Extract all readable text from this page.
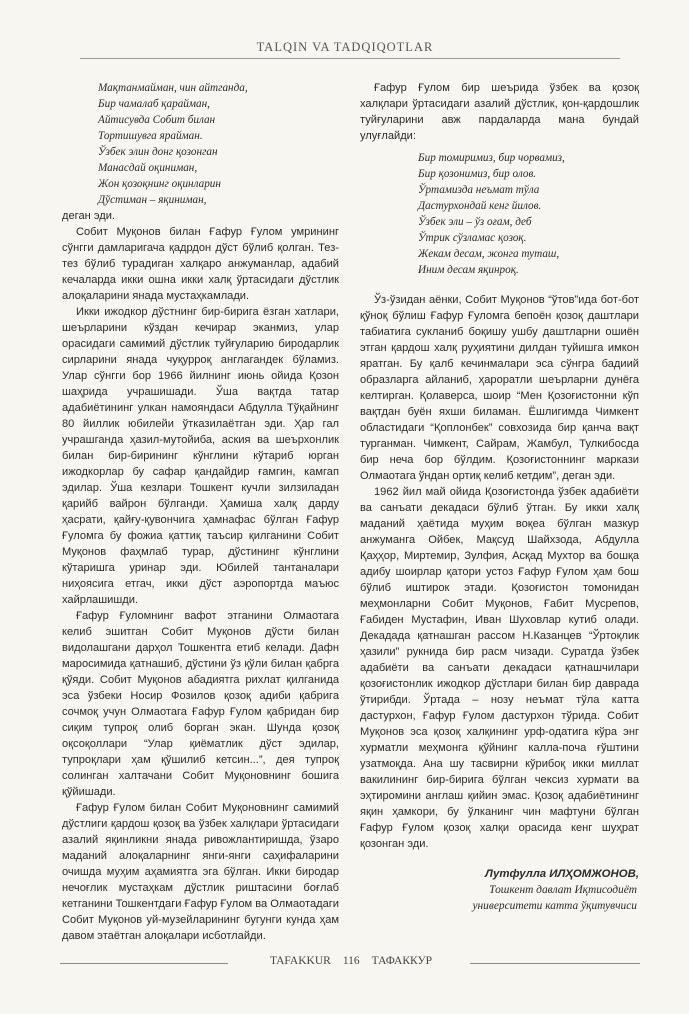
TALQIN VA TADQIQOTLAR
Мақтанмайман, чин айтганда,
Бир чамалаб қарайман,
Айтисувда Собит билан
Тортишувга ярайман.
Ўзбек элин донг қозонган
Манасдай оқиниман,
Жон қозоқнинг оқинларин
Дўстиман – яқиниман,

деган эди.

Собит Муқонов билан Ғафур Ғулом умрининг сўнгги дамларигача қадрдон дўст бўлиб қолган. Тез-тез бўлиб турадиган халқаро анжуманлар, адабий кечаларда икки ошна икки халқ ўртасидаги дўстлик алоқаларини янада мустаҳкамлади.

Икки ижодкор дўстнинг бир-бирига ёзган хатлари, шеърларини кўздан кечирар эканмиз, улар орасидаги самимий дўстлик туйғуларию биродарлик сирларини янада чуқурроқ англагандек бўламиз. Улар сўнгги бор 1966 йилнинг июнь ойида Қозон шаҳрида учрашишади. Ўша вақтда татар адабиётининг улкан намояндаси Абдулла Тўқайнинг 80 йиллик юбилейи ўтказилаётган эди. Ҳар гал учрашганда ҳазил-мутойиба, аския ва шеърхонлик билан бир-бирининг кўнглини кўтариб юрган ижодкорлар бу сафар қандайдир ғамгин, камгап эдилар. Ўша кезлари Тошкент кучли зилзиладан қарийб вайрон бўлганди. Ҳамиша халқ дарду ҳасрати, қайғу-қувончига ҳамнафас бўлган Ғафур Ғуломга бу фожиа қаттиқ таъсир қилганини Собит Муқонов фаҳмлаб турар, дўстининг кўнглини кўтаришга уринар эди. Юбилей тантаналари ниҳоясига етгач, икки дўст аэропортда маъюс хайрлашишди.

Ғафур Ғуломнинг вафот этганини Олмаотага келиб эшитган Собит Муқонов дўсти билан видолашгани дарҳол Тошкентга етиб келади. Дафн маросимида қатнашиб, дўстини ўз қўли билан қабрга қўяди. Собит Муқонов абадиятга рихлат қилганида эса ўзбеки Носир Фозилов қозоқ адиби қабрига сочмоқ учун Олмаотага Ғафур Ғулом қабридан бир сиқим тупроқ олиб борган экан. Шунда қозоқ оқсоқоллари “Улар қиёматлик дўст эдилар, тупроқлари ҳам қўшилиб кетсин...”, дея тупроқ солинган халтачани Собит Муқоновнинг бошига қўйишади.

Ғафур Ғулом билан Собит Муқоновнинг самимий дўстлиги қардош қозоқ ва ўзбек халқлари ўртасидаги азалий яқинликни янада ривожлантиришда, ўзаро маданий алоқаларнинг янги-янги саҳифаларини очишда муҳим аҳамиятга эга бўлган. Икки биродар нечоғлик мустаҳкам дўстлик риштасини боғлаб кетганини Тошкентдаги Ғафур Ғулом ва Олмаотадаги Собит Муқонов уй-музейларининг бугунги кунда ҳам давом этаётган алоқалари исботлайди.

Ғафур Ғулом бир шеърида ўзбек ва қозоқ халқлари ўртасидаги азалий дўстлик, қон-қардошлик туйғуларини авж пардаларда мана бундай улуғлайди:

Бир томиримиз, бир чорвамиз,
Бир қозонимиз, бир олов.
Ўртамизда неъмат тўла
Дастурхондай кенг йилов.
Ўзбек эли – ўз оғам, деб
Ўтрик сўзламас қозоқ.
Жекам десам, жонга туташ,
Иним десам яқинроқ.

Ўз-ўзидан аёнки, Собит Муқонов “ўтов”ида бот-бот қўноқ бўлиш Ғафур Ғуломга бепоён қозоқ даштлари табиатига сукланиб боқишу ушбу даштларни ошиён этган қардош халқ руҳиятини дилдан туйишга имкон яратган. Бу қалб кечинмалари эса сўнгра бадиий образларга айланиб, ҳароратли шеърларни дунёга келтирган. Қолаверса, шоир “Мен Қозоғистонни кўп вақтдан буён яхши биламан. Ёшлигимда Чимкент областидаги “Қоплонбек” совхозида бир қанча вақт турганман. Чимкент, Сайрам, Жамбул, Тулкибосда бир неча бор бўлдим. Қозоғистоннинг маркази Олмаотага ўндан ортиқ келиб кетдим”, деган эди.

1962 йил май ойида Қозоғистонда ўзбек адабиёти ва санъати декадаси бўлиб ўтган. Бу икки халқ маданий ҳаётида муҳим воқеа бўлган мазкур анжуманга Ойбек, Мақсуд Шайхзода, Абдулла Қаҳҳор, Миртемир, Зулфия, Асқад Мухтор ва бошқа адибу шоирлар қатори устоз Ғафур Ғулом ҳам бош бўлиб иштирок этади. Қозоғистон томонидан меҳмонларни Собит Муқонов, Ғабит Мусрепов, Ғабиден Мустафин, Иван Шуховлар кутиб олади. Декадада қатнашган рассом Н.Казанцев “Ўртоқлик ҳазили” рукнида бир расм чизади. Суратда ўзбек адабиёти ва санъати декадаси қатнашчилари қозоғистонлик ижодкор дўстлари билан бир даврада ўтирибди. Ўртада – нозу неъмат тўла катта дастурхон, Ғафур Ғулом дастурхон тўрида. Собит Муқонов эса қозоқ халқининг урф-одатига кўра энг хурматли меҳмонга қўйнинг калла-поча ғўштини узатмоқда. Ана шу тасвирни кўрибоқ икки миллат вакилининг бир-бирига бўлган чексиз хурмати ва эҳтиромини англаш қийин эмас. Қозоқ адабиётининг яқин ҳамкори, бу ўлканинг чин мафтуни бўлган Ғафур Ғулом қозоқ халқи орасида кенг шуҳрат қозонган эди.

Лутфулла ИЛҲОМЖОНОВ,
Тошкент давлат Иқтисодиёт
университети катта ўқитувчиси
TAFAKKUR 116 ТАФАККУР
